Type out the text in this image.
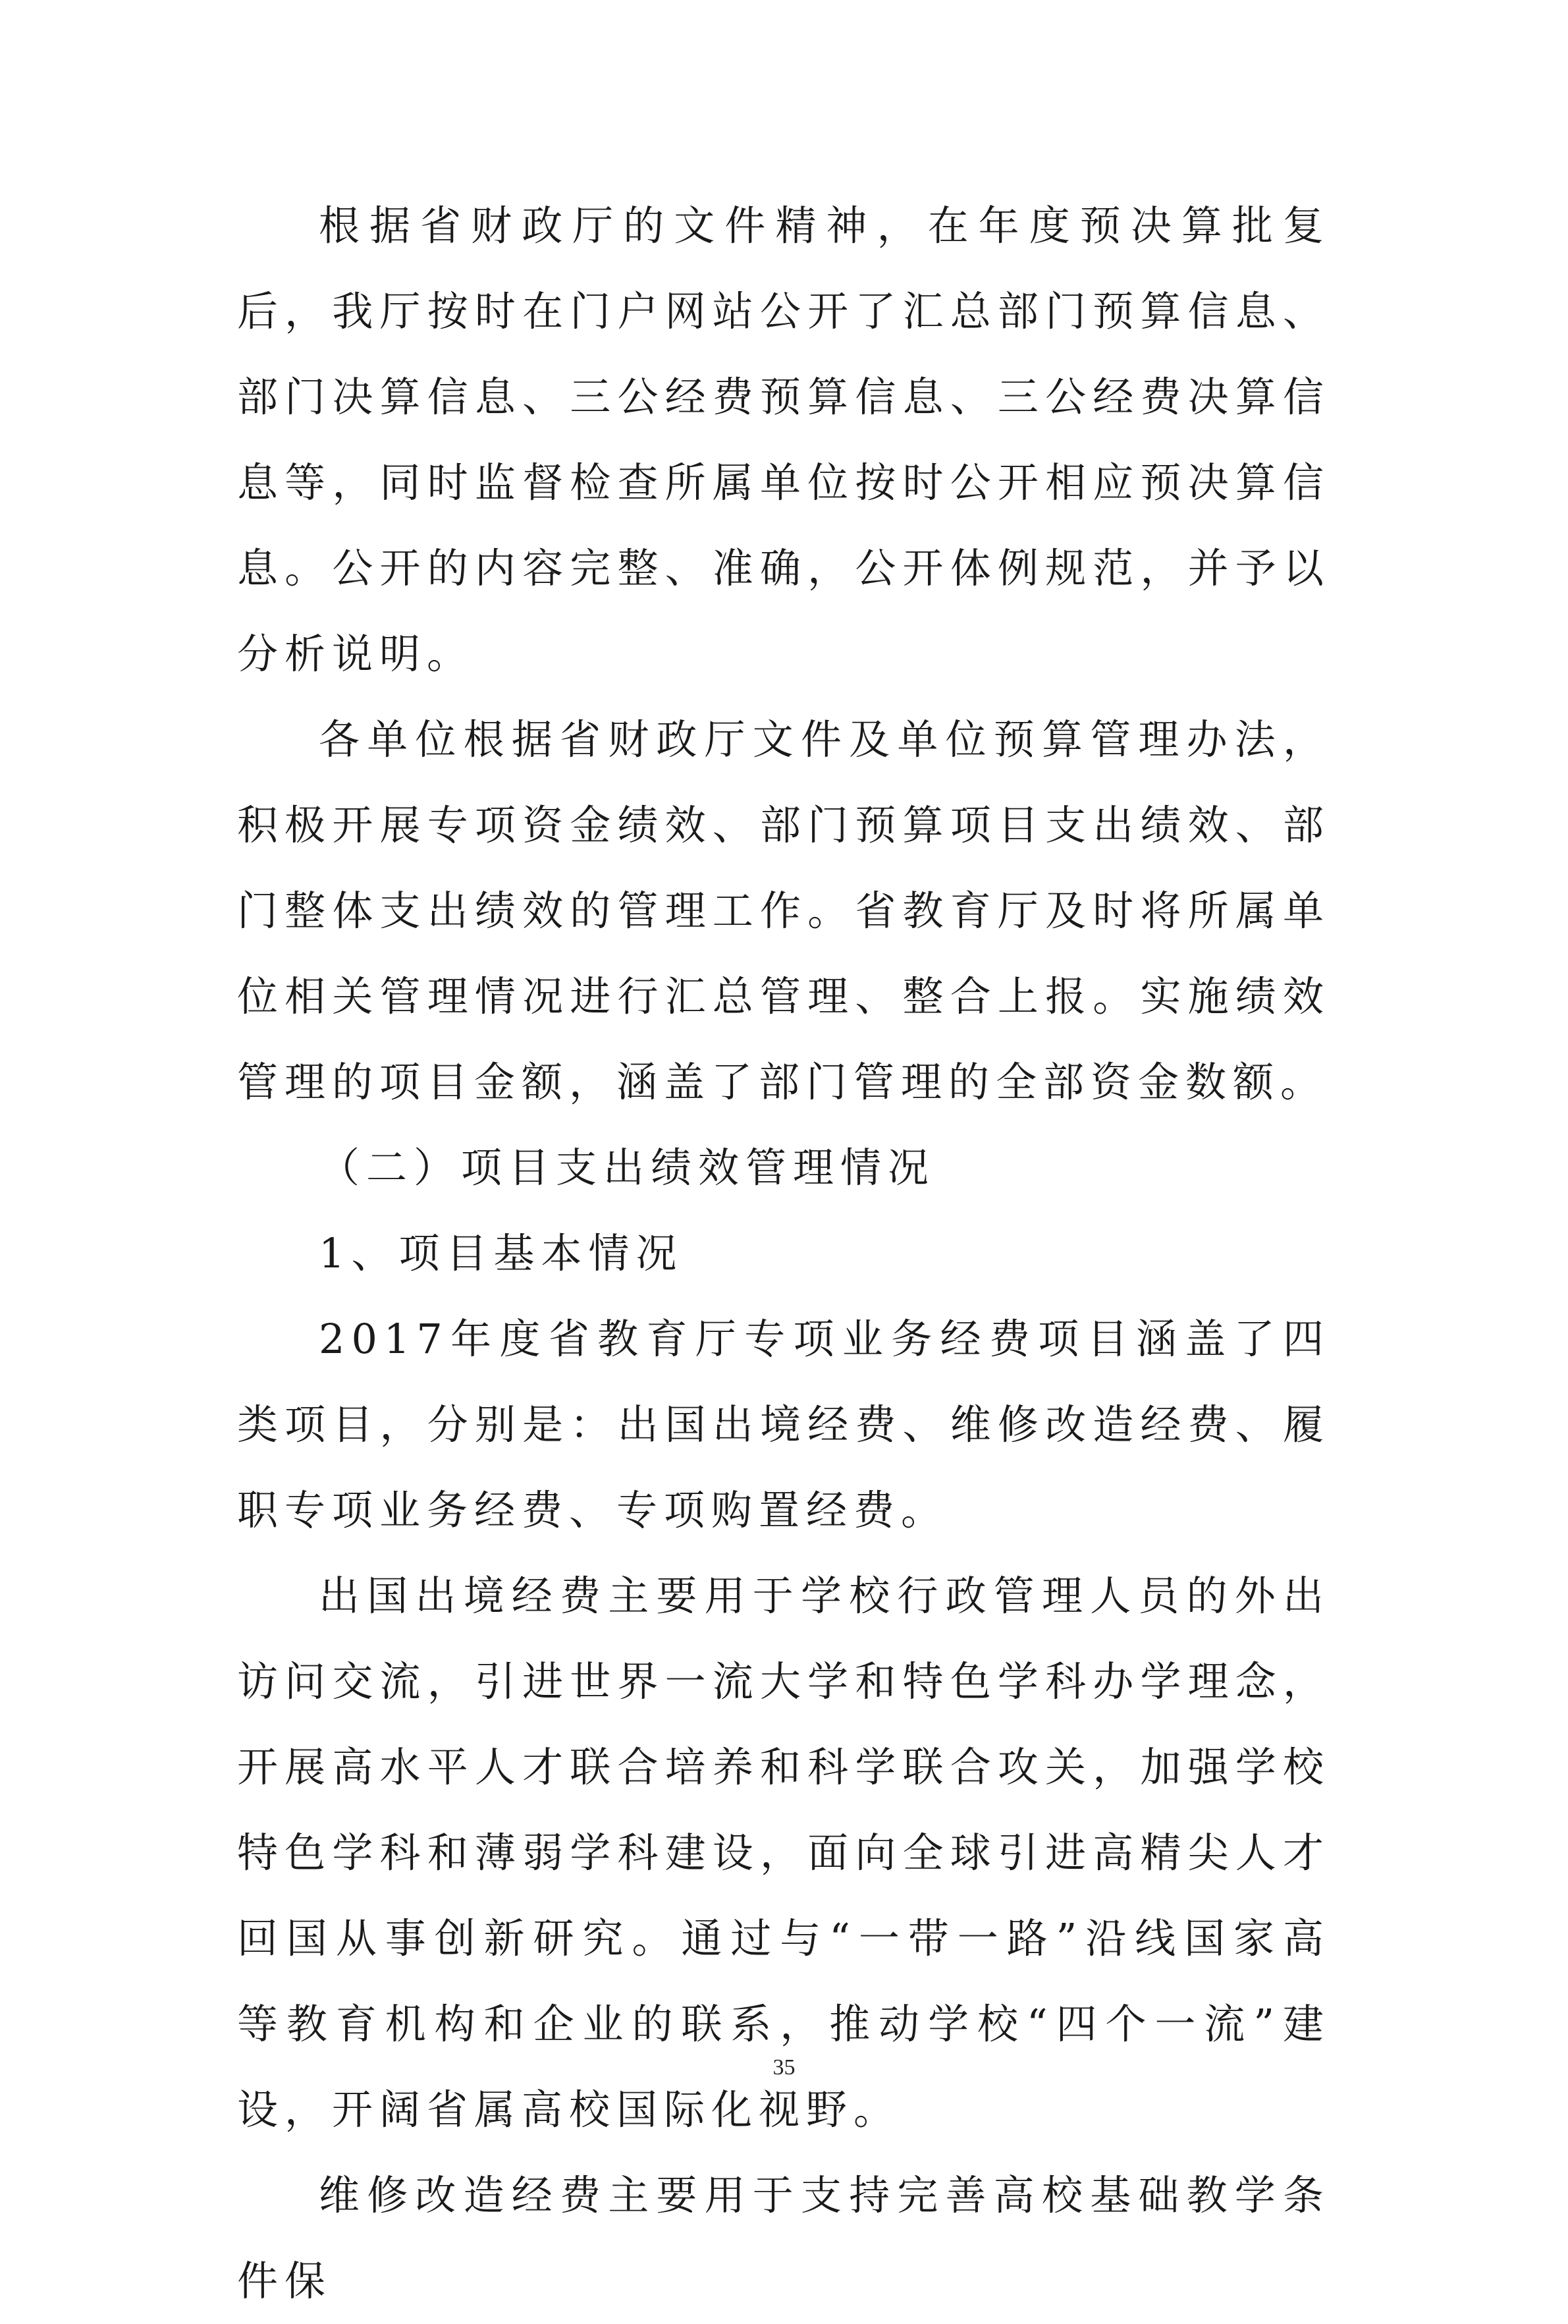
根据省财政厅的文件精神，在年度预决算批复后，我厅按时在门户网站公开了汇总部门预算信息、部门决算信息、三公经费预算信息、三公经费决算信息等，同时监督检查所属单位按时公开相应预决算信息。公开的内容完整、准确，公开体例规范，并予以分析说明。

各单位根据省财政厅文件及单位预算管理办法，积极开展专项资金绩效、部门预算项目支出绩效、部门整体支出绩效的管理工作。省教育厅及时将所属单位相关管理情况进行汇总管理、整合上报。实施绩效管理的项目金额，涵盖了部门管理的全部资金数额。

（二）项目支出绩效管理情况

1、项目基本情况

2017年度省教育厅专项业务经费项目涵盖了四类项目，分别是：出国出境经费、维修改造经费、履职专项业务经费、专项购置经费。

出国出境经费主要用于学校行政管理人员的外出访问交流，引进世界一流大学和特色学科办学理念，开展高水平人才联合培养和科学联合攻关，加强学校特色学科和薄弱学科建设，面向全球引进高精尖人才回国从事创新研究。通过与“一带一路”沿线国家高等教育机构和企业的联系，推动学校“四个一流”建设，开阔省属高校国际化视野。

维修改造经费主要用于支持完善高校基础教学条件保

35
